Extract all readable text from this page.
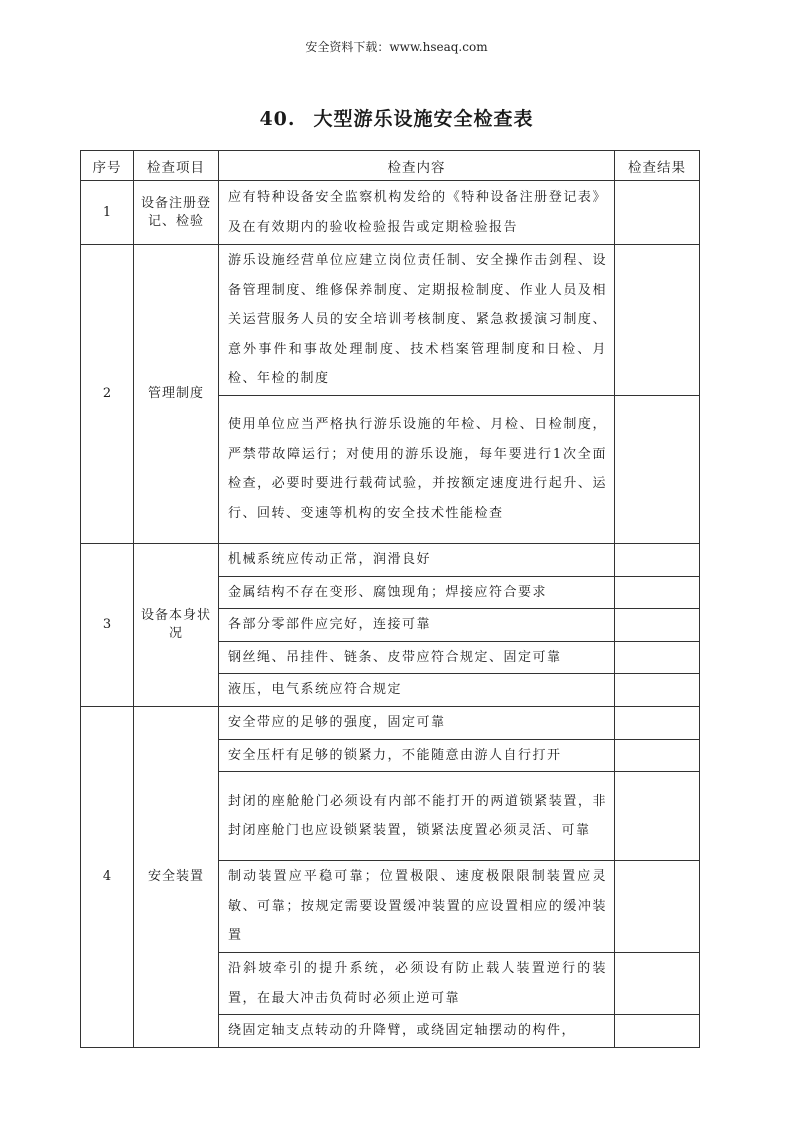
安全资料下载：www.hseaq.com
40. 大型游乐设施安全检查表
序号	检查项目	检查内容	检查结果
1	设备注册登记、检验	应有特种设备安全监察机构发给的《特种设备注册登记表》及在有效期内的验收检验报告或定期检验报告	
2	管理制度	游乐设施经营单位应建立岗位责任制、安全操作击剑程、设备管理制度、维修保养制度、定期报检制度、作业人员及相关运营服务人员的安全培训考核制度、紧急救援演习制度、意外事件和事故处理制度、技术档案管理制度和日检、月检、年检的制度	
		使用单位应当严格执行游乐设施的年检、月检、日检制度，严禁带故障运行；对使用的游乐设施，每年要进行1次全面检查，必要时要进行载荷试验，并按额定速度进行起升、运行、回转、变速等机构的安全技术性能检查	
3	设备本身状况	机械系统应传动正常，润滑良好	
		金属结构不存在变形、腐蚀现角；焊接应符合要求	
		各部分零部件应完好，连接可靠	
		钢丝绳、吊挂件、链条、皮带应符合规定、固定可靠	
		液压，电气系统应符合规定	
4	安全装置	安全带应的足够的强度，固定可靠	
		安全压杆有足够的锁紧力，不能随意由游人自行打开	
		封闭的座舱舱门必须设有内部不能打开的两道锁紧装置，非封闭座舱门也应设锁紧装置，锁紧法度置必须灵活、可靠	
		制动装置应平稳可靠；位置极限、速度极限限制装置应灵敏、可靠；按规定需要设置缓冲装置的应设置相应的缓冲装置	
		沿斜坡牵引的提升系统，必须设有防止载人装置逆行的装置，在最大冲击负荷时必须止逆可靠	
		绕固定轴支点转动的升降臂，或绕固定轴摆动的构件，	
